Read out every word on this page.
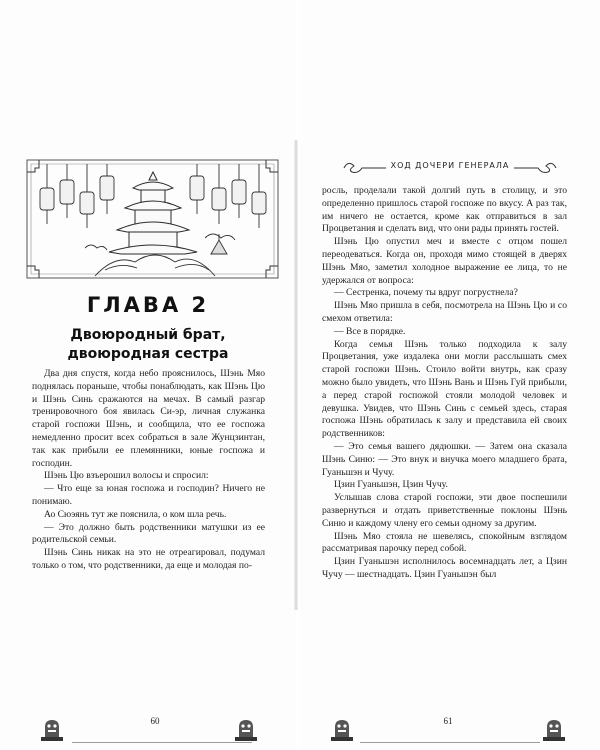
ГЛАВА 2
Двоюродный брат,
двоюродная сестра

Два дня спустя, когда небо прояснилось, Шэнь Мяо поднялась пораньше, чтобы понаблюдать, как Шэнь Цю и Шэнь Синь сражаются на мечах. В самый разгар тренировочного боя явилась Си-эр, личная служанка старой госпожи Шэнь, и сообщила, что ее госпожа немедленно просит всех собраться в зале Жунцзинтан, так как прибыли ее племянники, юные госпожа и господин.

Шэнь Цю взъерошил волосы и спросил:

— Что еще за юная госпожа и господин? Ничего не понимаю.

Ао Сюэянь тут же пояснила, о ком шла речь.

— Это должно быть родственники матушки из ее родительской семьи.

Шэнь Синь никак на это не отреагировал, подумал только о том, что родственники, да еще и молодая по-

60
ХОД ДОЧЕРИ ГЕНЕРАЛА

росль, проделали такой долгий путь в столицу, и это определенно пришлось старой госпоже по вкусу. А раз так, им ничего не остается, кроме как отправиться в зал Процветания и сделать вид, что они рады принять гостей.

Шэнь Цю опустил меч и вместе с отцом пошел переодеваться. Когда он, проходя мимо стоящей в дверях Шэнь Мяо, заметил холодное выражение ее лица, то не удержался от вопроса:

— Сестренка, почему ты вдруг погрустнела?

Шэнь Мяо пришла в себя, посмотрела на Шэнь Цю и со смехом ответила:

— Все в порядке.

Когда семья Шэнь только подходила к залу Процветания, уже издалека они могли расслышать смех старой госпожи Шэнь. Стоило войти внутрь, как сразу можно было увидеть, что Шэнь Вань и Шэнь Гуй прибыли, а перед старой госпожой стояли молодой человек и девушка. Увидев, что Шэнь Синь с семьей здесь, старая госпожа Шэнь обратилась к залу и представила ей своих родственников:

— Это семья вашего дядюшки. — Затем она сказала Шэнь Синю: — Это внук и внучка моего младшего брата, Гуаньшэн и Чучу.

Цзин Гуаньшэн, Цзин Чучу.

Услышав слова старой госпожи, эти двое поспешили развернуться и отдать приветственные поклоны Шэнь Синю и каждому члену его семьи одному за другим.

Шэнь Мяо стояла не шевелясь, спокойным взглядом рассматривая парочку перед собой.

Цзин Гуаньшэн исполнилось восемнадцать лет, а Цзин Чучу — шестнадцать. Цзин Гуаньшэн был

61
